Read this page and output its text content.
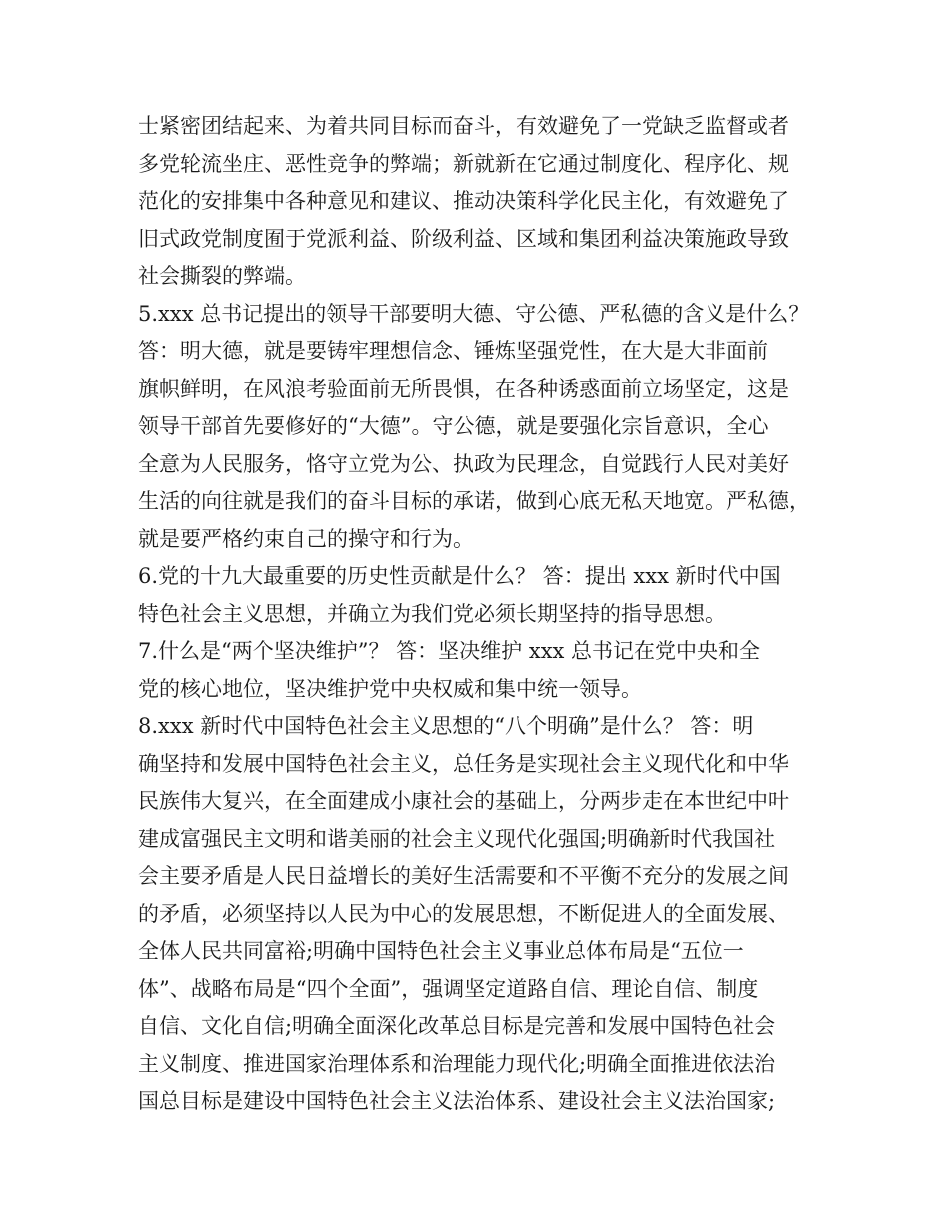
士紧密团结起来、为着共同目标而奋斗，有效避免了一党缺乏监督或者
多党轮流坐庄、恶性竞争的弊端；新就新在它通过制度化、程序化、规
范化的安排集中各种意见和建议、推动决策科学化民主化，有效避免了
旧式政党制度囿于党派利益、阶级利益、区域和集团利益决策施政导致
社会撕裂的弊端。
5.xxx 总书记提出的领导干部要明大德、守公德、严私德的含义是什么？
答：明大德，就是要铸牢理想信念、锤炼坚强党性，在大是大非面前
旗帜鲜明，在风浪考验面前无所畏惧，在各种诱惑面前立场坚定，这是
领导干部首先要修好的“大德”。守公德，就是要强化宗旨意识，全心
全意为人民服务，恪守立党为公、执政为民理念，自觉践行人民对美好
生活的向往就是我们的奋斗目标的承诺，做到心底无私天地宽。严私德，
就是要严格约束自己的操守和行为。
6.党的十九大最重要的历史性贡献是什么？ 答：提出 xxx 新时代中国
特色社会主义思想，并确立为我们党必须长期坚持的指导思想。
7.什么是“两个坚决维护”？ 答：坚决维护 xxx 总书记在党中央和全
党的核心地位，坚决维护党中央权威和集中统一领导。
8.xxx 新时代中国特色社会主义思想的“八个明确”是什么？ 答：明
确坚持和发展中国特色社会主义，总任务是实现社会主义现代化和中华
民族伟大复兴，在全面建成小康社会的基础上，分两步走在本世纪中叶
建成富强民主文明和谐美丽的社会主义现代化强国;明确新时代我国社
会主要矛盾是人民日益增长的美好生活需要和不平衡不充分的发展之间
的矛盾，必须坚持以人民为中心的发展思想，不断促进人的全面发展、
全体人民共同富裕;明确中国特色社会主义事业总体布局是“五位一
体”、战略布局是“四个全面”，强调坚定道路自信、理论自信、制度
自信、文化自信;明确全面深化改革总目标是完善和发展中国特色社会
主义制度、推进国家治理体系和治理能力现代化;明确全面推进依法治
国总目标是建设中国特色社会主义法治体系、建设社会主义法治国家;
